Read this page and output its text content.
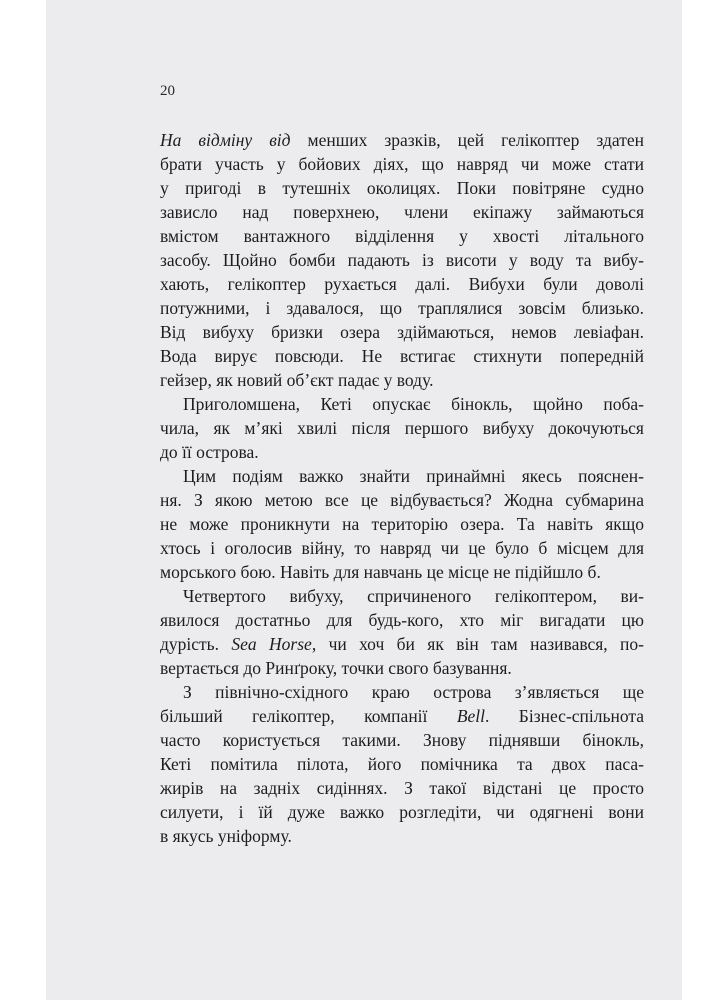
20
На відміну від менших зразків, цей гелікоптер здатен
брати участь у бойових діях, що навряд чи може стати
у пригоді в тутешніх околицях. Поки повітряне судно
зависло над поверхнею, члени екіпажу займаються
вмістом вантажного відділення у хвості літального
засобу. Щойно бомби падають із висоти у воду та вибу-
хають, гелікоптер рухається далі. Вибухи були доволі
потужними, і здавалося, що траплялися зовсім близько.
Від вибуху бризки озера здіймаються, немов левіафан.
Вода вирує повсюди. Не встигає стихнути попередній
гейзер, як новий об’єкт падає у воду.
Приголомшена, Кеті опускає бінокль, щойно поба-
чила, як м’які хвилі після першого вибуху докочуються
до її острова.
Цим подіям важко знайти принаймні якесь пояснен-
ня. З якою метою все це відбувається? Жодна субмарина
не може проникнути на територію озера. Та навіть якщо
хтось і оголосив війну, то навряд чи це було б місцем для
морського бою. Навіть для навчань це місце не підійшло б.
Четвертого вибуху, спричиненого гелікоптером, ви-
явилося достатньо для будь-кого, хто міг вигадати цю
дурість. Sea Horse, чи хоч би як він там називався, по-
вертається до Ринґроку, точки свого базування.
З північно-східного краю острова з’являється ще
більший гелікоптер, компанії Bell. Бізнес-спільнота
часто користується такими. Знову піднявши бінокль,
Кеті помітила пілота, його помічника та двох паса-
жирів на задніх сидіннях. З такої відстані це просто
силуети, і їй дуже важко розгледіти, чи одягнені вони
в якусь уніформу.
